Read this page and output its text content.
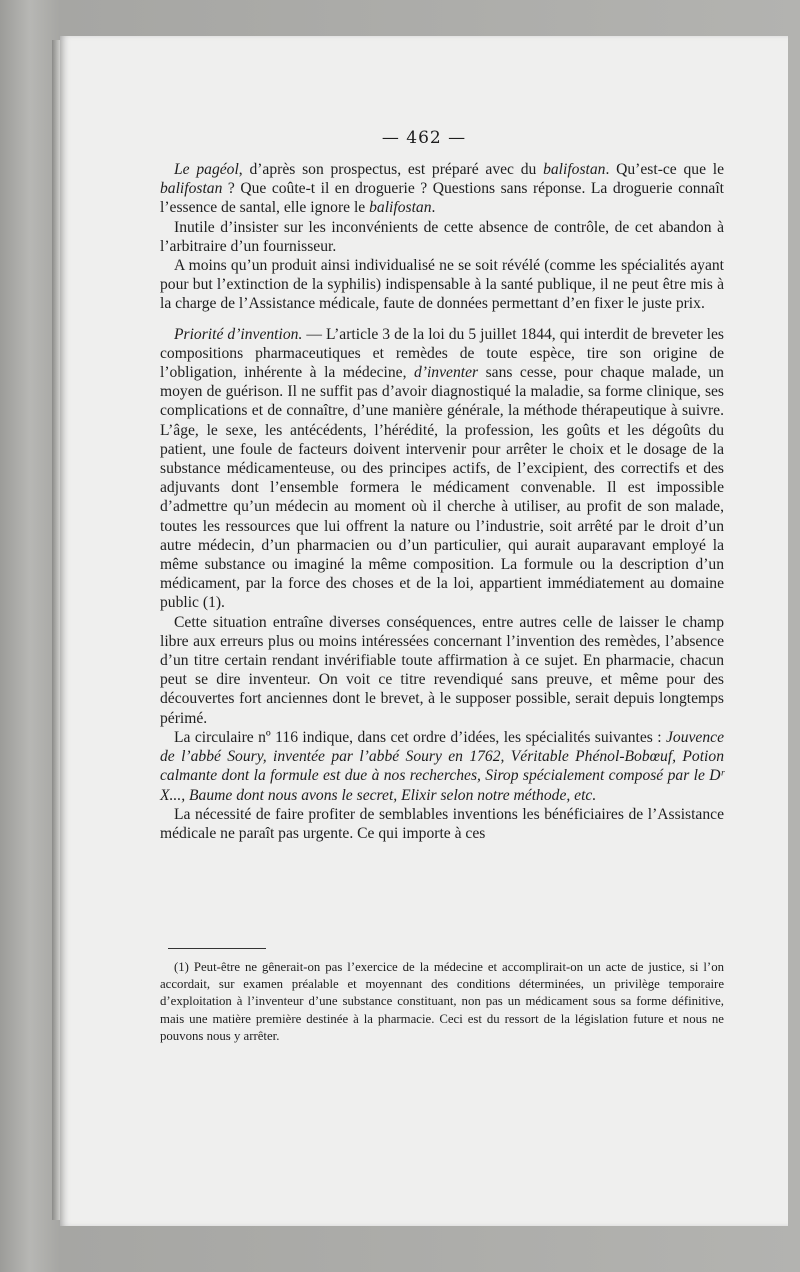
— 462 —

Le pagéol, d’après son prospectus, est préparé avec du balifostan. Qu’est-ce que le balifostan ? Que coûte-t il en droguerie ? Questions sans réponse. La droguerie connaît l’essence de santal, elle ignore le balifostan.

Inutile d’insister sur les inconvénients de cette absence de contrôle, de cet abandon à l’arbitraire d’un fournisseur.

A moins qu’un produit ainsi individualisé ne se soit révélé (comme les spécialités ayant pour but l’extinction de la syphilis) indispensable à la santé publique, il ne peut être mis à la charge de l’Assistance médicale, faute de données permettant d’en fixer le juste prix.

Priorité d’invention. — L’article 3 de la loi du 5 juillet 1844, qui interdit de breveter les compositions pharmaceutiques et remèdes de toute espèce, tire son origine de l’obligation, inhérente à la médecine, d’inventer sans cesse, pour chaque malade, un moyen de guérison. Il ne suffit pas d’avoir diagnostiqué la maladie, sa forme clinique, ses complications et de connaître, d’une manière générale, la méthode thérapeutique à suivre. L’âge, le sexe, les antécédents, l’hérédité, la profession, les goûts et les dégoûts du patient, une foule de facteurs doivent intervenir pour arrêter le choix et le dosage de la substance médicamenteuse, ou des principes actifs, de l’excipient, des correctifs et des adjuvants dont l’ensemble formera le médicament convenable. Il est impossible d’admettre qu’un médecin au moment où il cherche à utiliser, au profit de son malade, toutes les ressources que lui offrent la nature ou l’industrie, soit arrêté par le droit d’un autre médecin, d’un pharmacien ou d’un particulier, qui aurait auparavant employé la même substance ou imaginé la même composition. La formule ou la description d’un médicament, par la force des choses et de la loi, appartient immédiatement au domaine public (1).

Cette situation entraîne diverses conséquences, entre autres celle de laisser le champ libre aux erreurs plus ou moins intéressées concernant l’invention des remèdes, l’absence d’un titre certain rendant invérifiable toute affirmation à ce sujet. En pharmacie, chacun peut se dire inventeur. On voit ce titre revendiqué sans preuve, et même pour des découvertes fort anciennes dont le brevet, à le supposer possible, serait depuis longtemps périmé.

La circulaire nº 116 indique, dans cet ordre d’idées, les spécialités suivantes : Jouvence de l’abbé Soury, inventée par l’abbé Soury en 1762, Véritable Phénol-Bobœuf, Potion calmante dont la formule est due à nos recherches, Sirop spécialement composé par le Dʳ X..., Baume dont nous avons le secret, Elixir selon notre méthode, etc.

La nécessité de faire profiter de semblables inventions les bénéficiaires de l’Assistance médicale ne paraît pas urgente. Ce qui importe à ces

(1) Peut-être ne gênerait-on pas l’exercice de la médecine et accomplirait-on un acte de justice, si l’on accordait, sur examen préalable et moyennant des conditions déterminées, un privilège temporaire d’exploitation à l’inventeur d’une substance constituant, non pas un médicament sous sa forme définitive, mais une matière première destinée à la pharmacie. Ceci est du ressort de la législation future et nous ne pouvons nous y arrêter.
